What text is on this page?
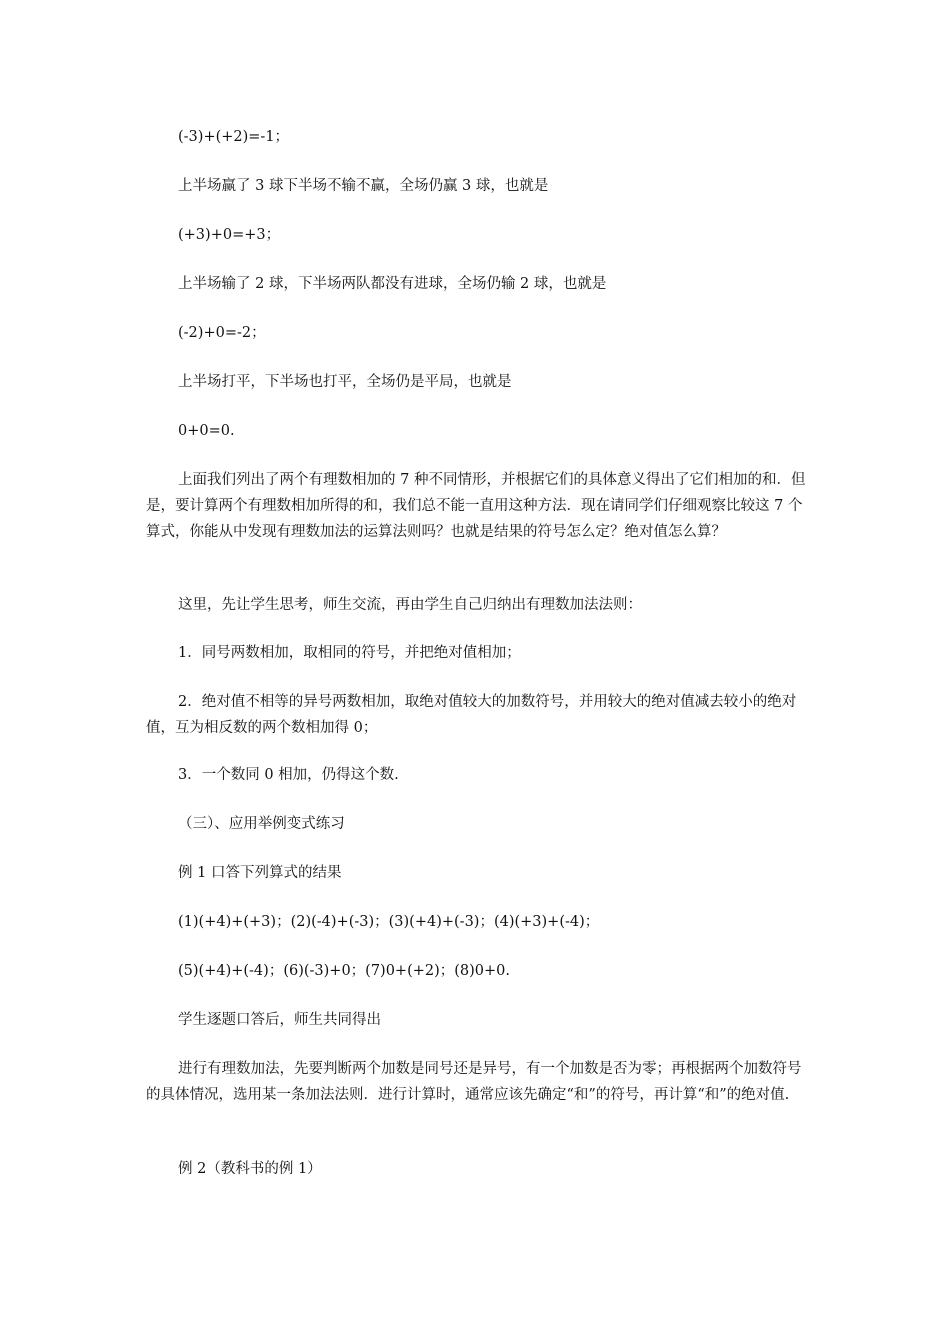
(-3)+(+2)=-1；
上半场赢了 3 球下半场不输不赢，全场仍赢 3 球，也就是
(+3)+0=+3；
上半场输了 2 球，下半场两队都没有进球，全场仍输 2 球，也就是
(-2)+0=-2；
上半场打平，下半场也打平，全场仍是平局，也就是
0+0=0.
上面我们列出了两个有理数相加的 7 种不同情形，并根据它们的具体意义得出了它们相加的和．但是，要计算两个有理数相加所得的和，我们总不能一直用这种方法．现在请同学们仔细观察比较这 7 个算式，你能从中发现有理数加法的运算法则吗？也就是结果的符号怎么定？绝对值怎么算？
这里，先让学生思考，师生交流，再由学生自己归纳出有理数加法法则：
1．同号两数相加，取相同的符号，并把绝对值相加；
2．绝对值不相等的异号两数相加，取绝对值较大的加数符号，并用较大的绝对值减去较小的绝对值，互为相反数的两个数相加得 0；
3．一个数同 0 相加，仍得这个数.
（三）、应用举例变式练习
例 1 口答下列算式的结果
(1)(+4)+(+3)；(2)(-4)+(-3)；(3)(+4)+(-3)；(4)(+3)+(-4)；
(5)(+4)+(-4)；(6)(-3)+0；(7)0+(+2)；(8)0+0.
学生逐题口答后，师生共同得出
进行有理数加法，先要判断两个加数是同号还是异号，有一个加数是否为零；再根据两个加数符号的具体情况，选用某一条加法法则．进行计算时，通常应该先确定“和”的符号，再计算“和”的绝对值.
例 2（教科书的例 1）
